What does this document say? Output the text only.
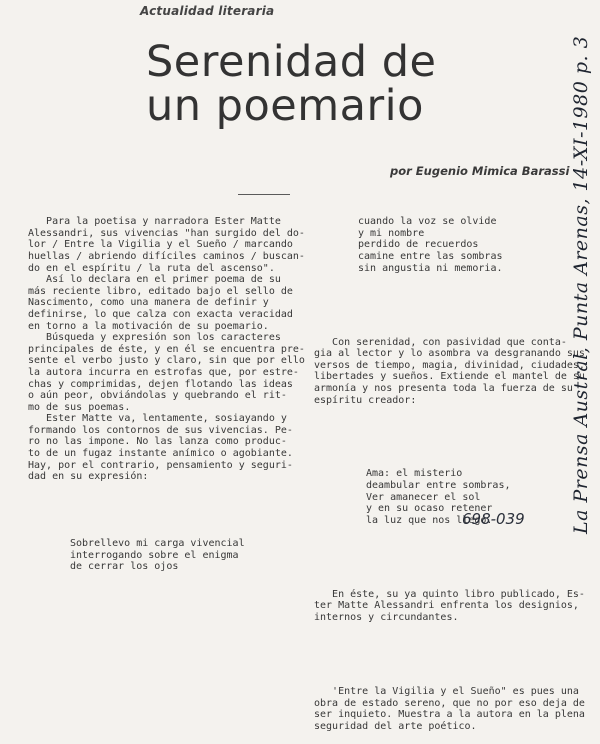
Actualidad literaria
Serenidad de
un poemario
por Eugenio Mimica Barassi

Para la poetisa y narradora Ester Matte
Alessandri, sus vivencias "han surgido del do-
lor / Entre la Vigilia y el Sueño / marcando
huellas / abriendo difíciles caminos / buscan-
do en el espíritu / la ruta del ascenso".
Así lo declara en el primer poema de su
más reciente libro, editado bajo el sello de
Nascimento, como una manera de definir y
definirse, lo que calza con exacta veracidad
en torno a la motivación de su poemario.
Búsqueda y expresión son los caracteres
principales de éste, y en él se encuentra pre-
sente el verbo justo y claro, sin que por ello
la autora incurra en estrofas que, por estre-
chas y comprimidas, dejen flotando las ideas
o aún peor, obviándolas y quebrando el rit-
mo de sus poemas.
Ester Matte va, lentamente, sosiayando y
formando los contornos de sus vivencias. Pe-
ro no las impone. No las lanza como produc-
to de un fugaz instante anímico o agobiante.
Hay, por el contrario, pensamiento y seguri-
dad en su expresión:

Sobrellevo mi carga vivencial
interrogando sobre el enigma
de cerrar los ojos

cuando la voz se olvide
y mi nombre
perdido de recuerdos
camine entre las sombras
sin angustia ni memoria.

Con serenidad, con pasividad que conta-
gia al lector y lo asombra va desgranando sus
versos de tiempo, magia, divinidad, ciudades,
libertades y sueños. Extiende el mantel de su
armonía y nos presenta toda la fuerza de su
espíritu creador:

Ama: el misterio
deambular entre sombras,
Ver amanecer el sol
y en su ocaso retener
la luz que nos llegó.

En éste, su ya quinto libro publicado, Es-
ter Matte Alessandri enfrenta los designios,
internos y circundantes.

'Entre la Vigilia y el Sueño" es pues una
obra de estado sereno, que no por eso deja de
ser inquieto. Muestra a la autora en la plena
seguridad del arte poético.

La Prensa Austral, Punta Arenas, 14-XI-1980 p. 3
698-039
